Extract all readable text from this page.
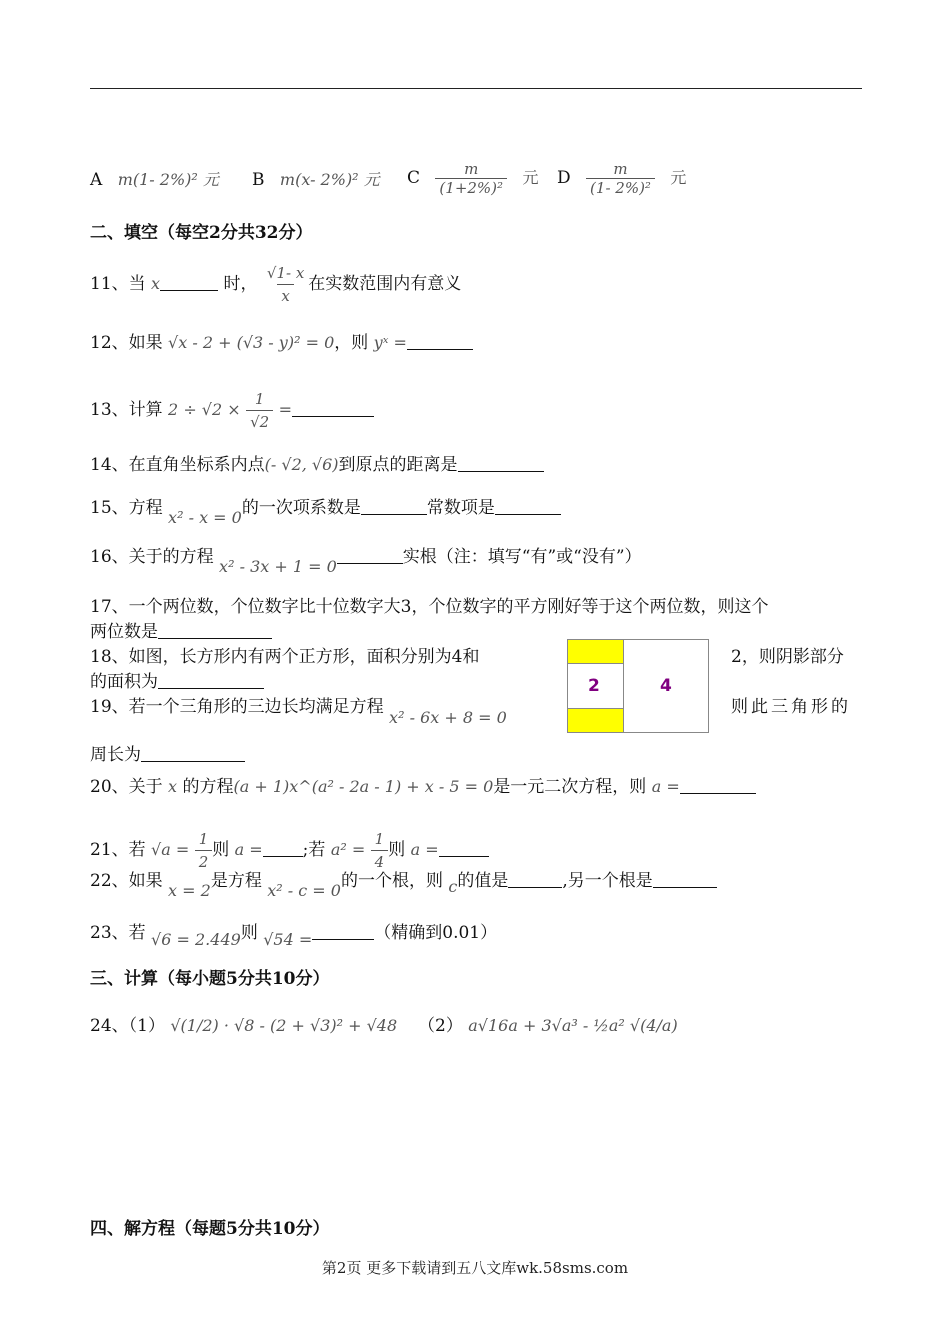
A m(1- 2%)² 元 B m(x- 2%)² 元 C $\frac{m}{\text{(1+2\%)²}}$ 元 D $\frac{m}{\text{(1- 2\%)²}}$ 元
二、填空（每空2分共32分）
11、当 x	时， $\frac{√1- x}{x}$ 在实数范围内有意义
12、如果 √x - 2 + (√3 - y)² = 0，则 yˣ =
13、计算 $2 \div √2 \times \frac{1}{√2}$ =
14、在直角坐标系内点(- √2, √6)到原点的距离是
15、方程 x² - x = 0的一次项系数是	常数项是
16、关于的方程 x² - 3x + 1 = 0	实根（注：填写“有”或“没有”）
17、一个两位数，个位数字比十位数字大3，个位数字的平方刚好等于这个两位数，则这个
两位数是
18、如图，长方形内有两个正方形，面积分别为4和	2，则阴影部分
的面积为	2	4
19、若一个三角形的三边长均满足方程 x² - 6x + 8 = 0
则此三角形的
周长为
20、关于 x 的方程(a + 1)x^(a² - 2a - 1) + x - 5 = 0是一元二次方程，则 a =
21、若 $√a = \frac{1}{2}$ 则 a = ;若 $a^2 = \frac{1}{4}$ 则 a =
22、如果 x = 2是方程 x² - c = 0的一个根，则 c的值是	,另一个根是
23、若 √6 = 2.449则 √54 =	（精确到0.01）
三、计算（每小题5分共10分）
24、（1） √(1/2) · √8 - (2 + √3)² + √48 （2） a√16a + 3√a³ - ½a² √(4/a)
四、解方程（每题5分共10分）
第2页 更多下载请到五八文库wk.58sms.com
